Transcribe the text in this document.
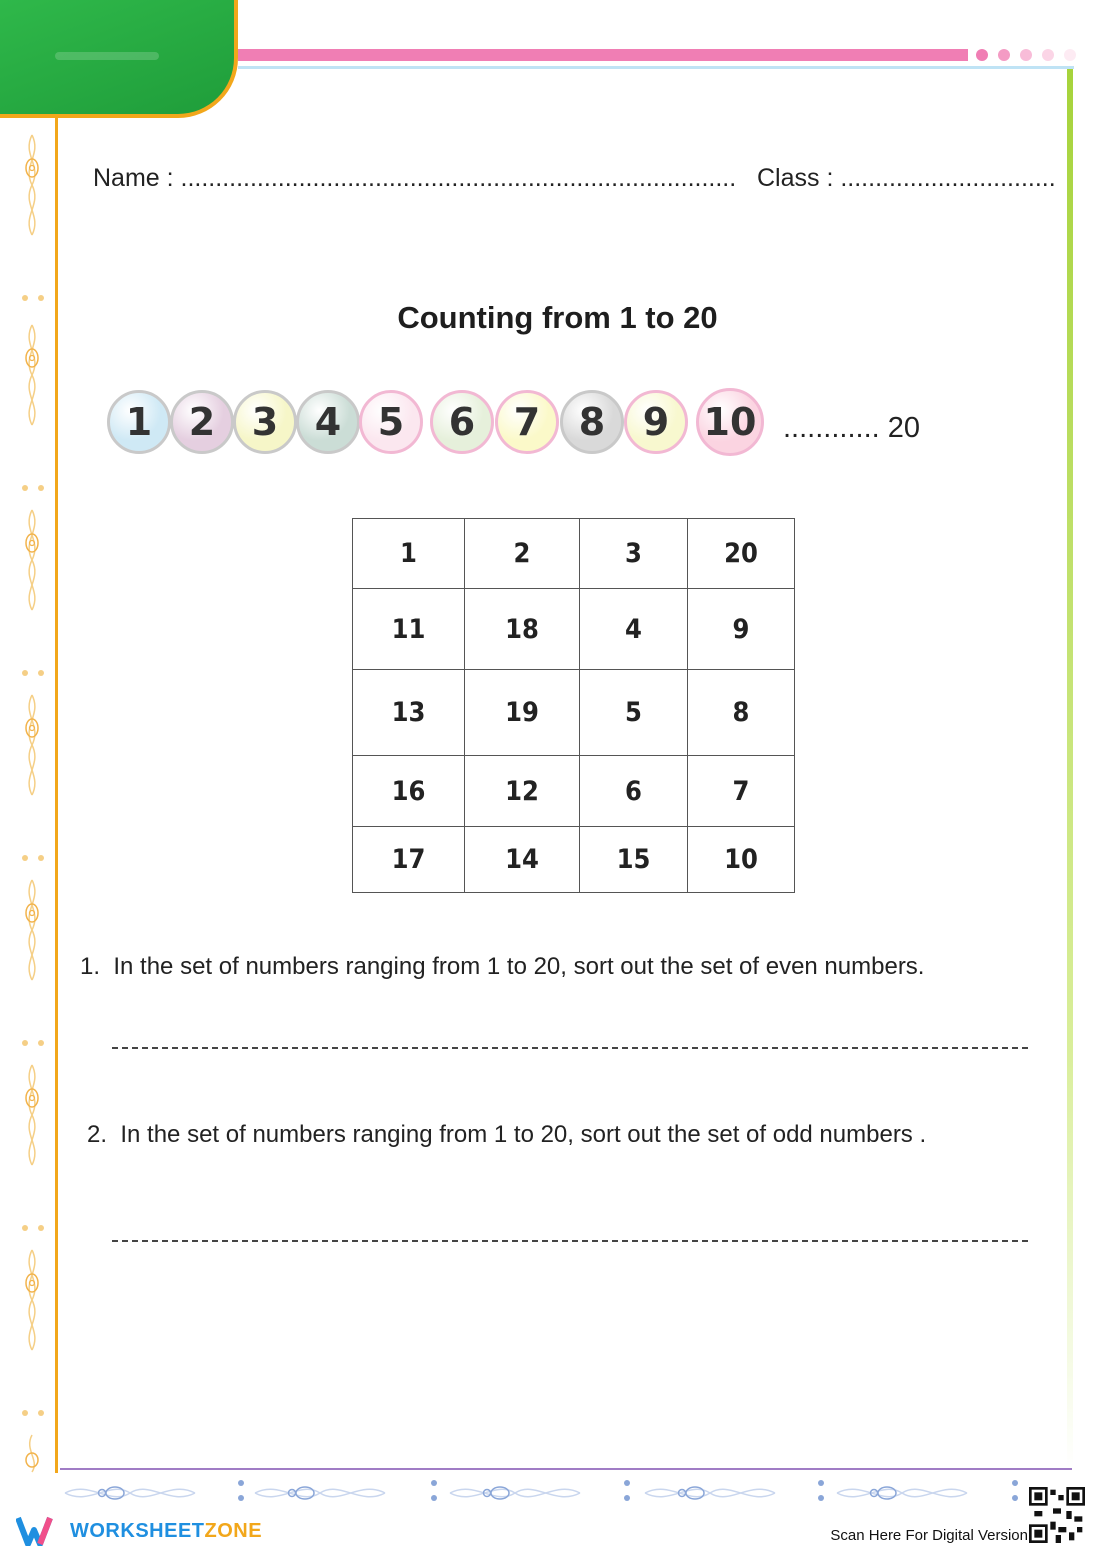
Name : ................................................................................ Class : ...............................
Counting from 1 to 20
1 2 3 4 5 6 7 8 9 10 ............ 20
1	2	3	20
11	18	4	9
13	19	5	8
16	12	6	7
17	14	15	10
1. In the set of numbers ranging from 1 to 20, sort out the set of even numbers.
2. In the set of numbers ranging from 1 to 20, sort out the set of odd numbers .
WORKSHEETZONE	Scan Here For Digital Version
